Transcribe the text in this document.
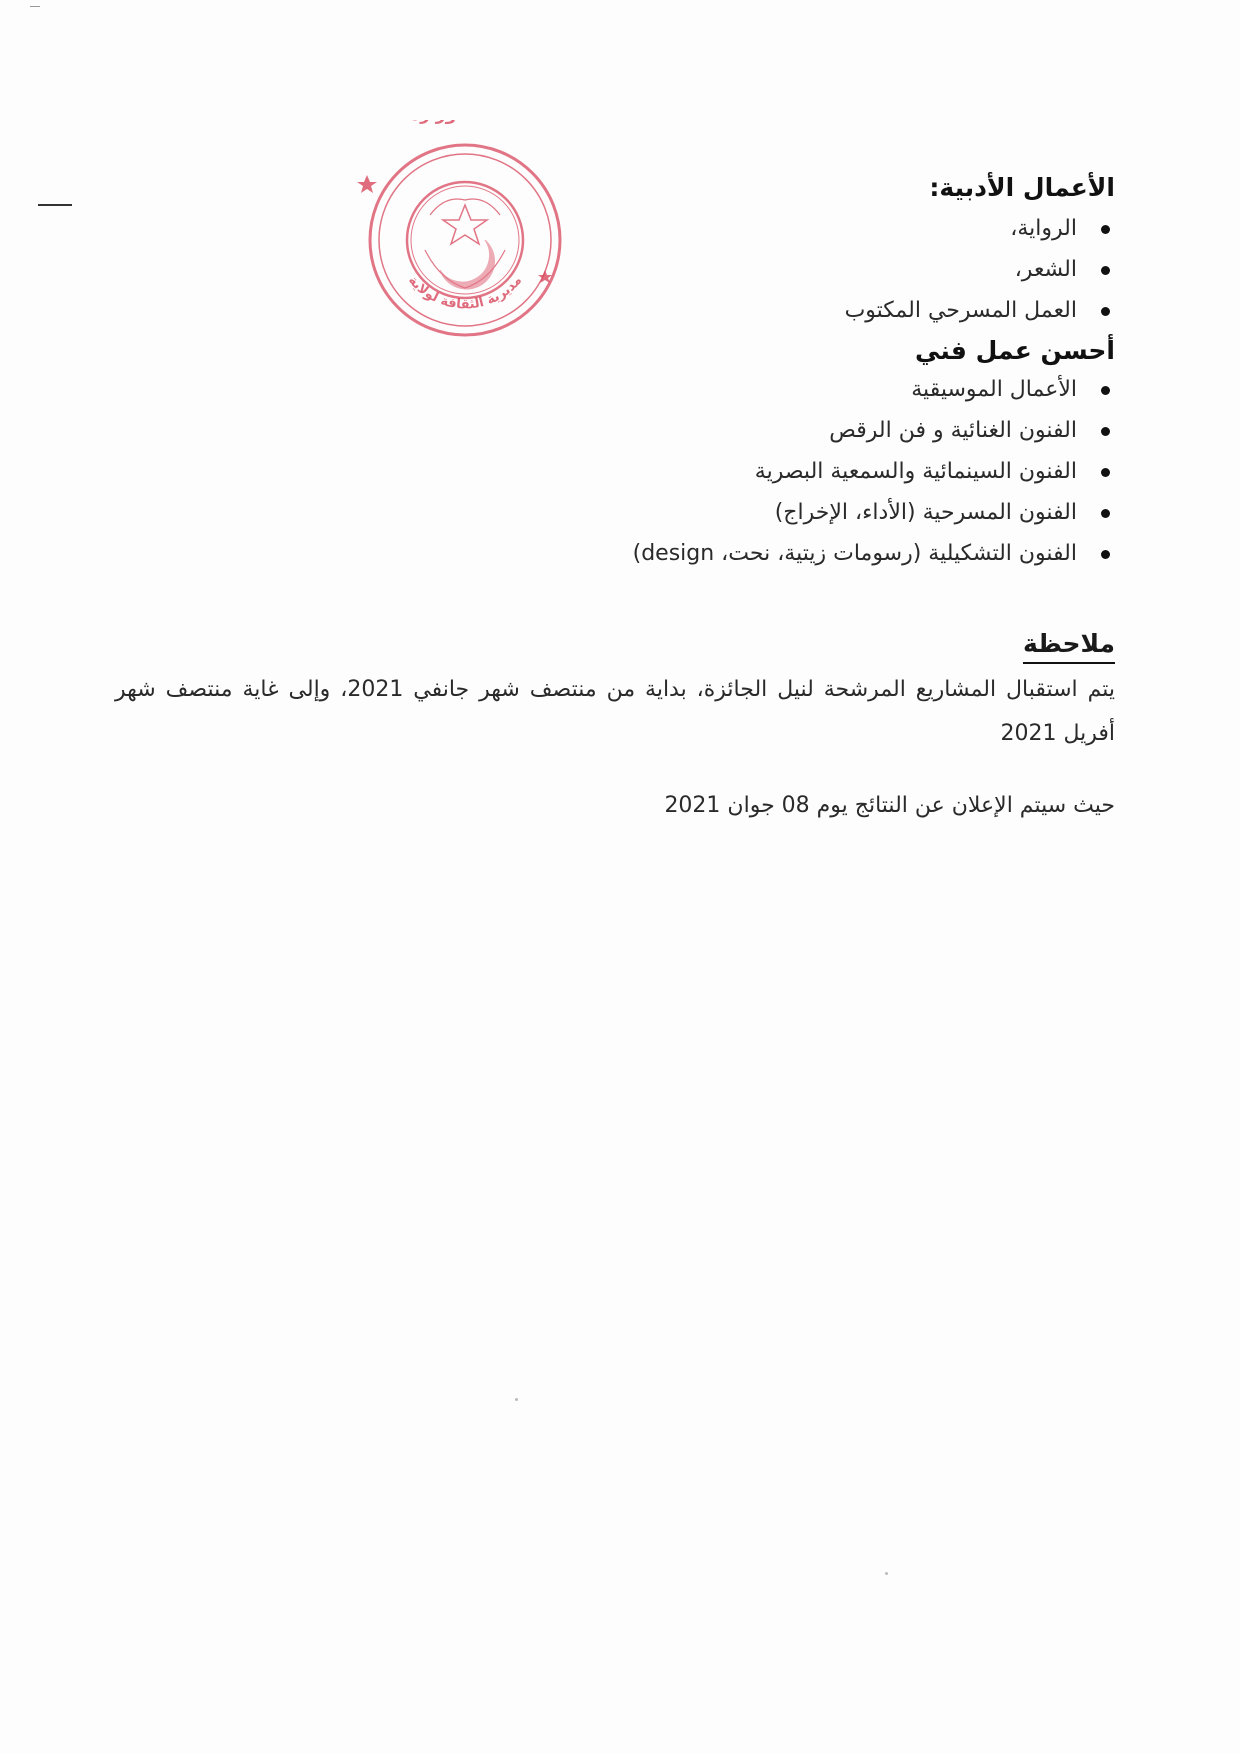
مديرية الثقافة لولاية
الأعمال الأدبية:
الرواية،
الشعر،
العمل المسرحي المكتوب
أحسن عمل فني
الأعمال الموسيقية
الفنون الغنائية و فن الرقص
الفنون السينمائية والسمعية البصرية
الفنون المسرحية (الأداء، الإخراج)
الفنون التشكيلية (رسومات زيتية، نحت، design)
ملاحظة

يتم استقبال المشاريع المرشحة لنيل الجائزة، بداية من منتصف شهر جانفي 2021، وإلى غاية منتصف شهر أفريل 2021

حيث سيتم الإعلان عن النتائج يوم 08 جوان 2021
